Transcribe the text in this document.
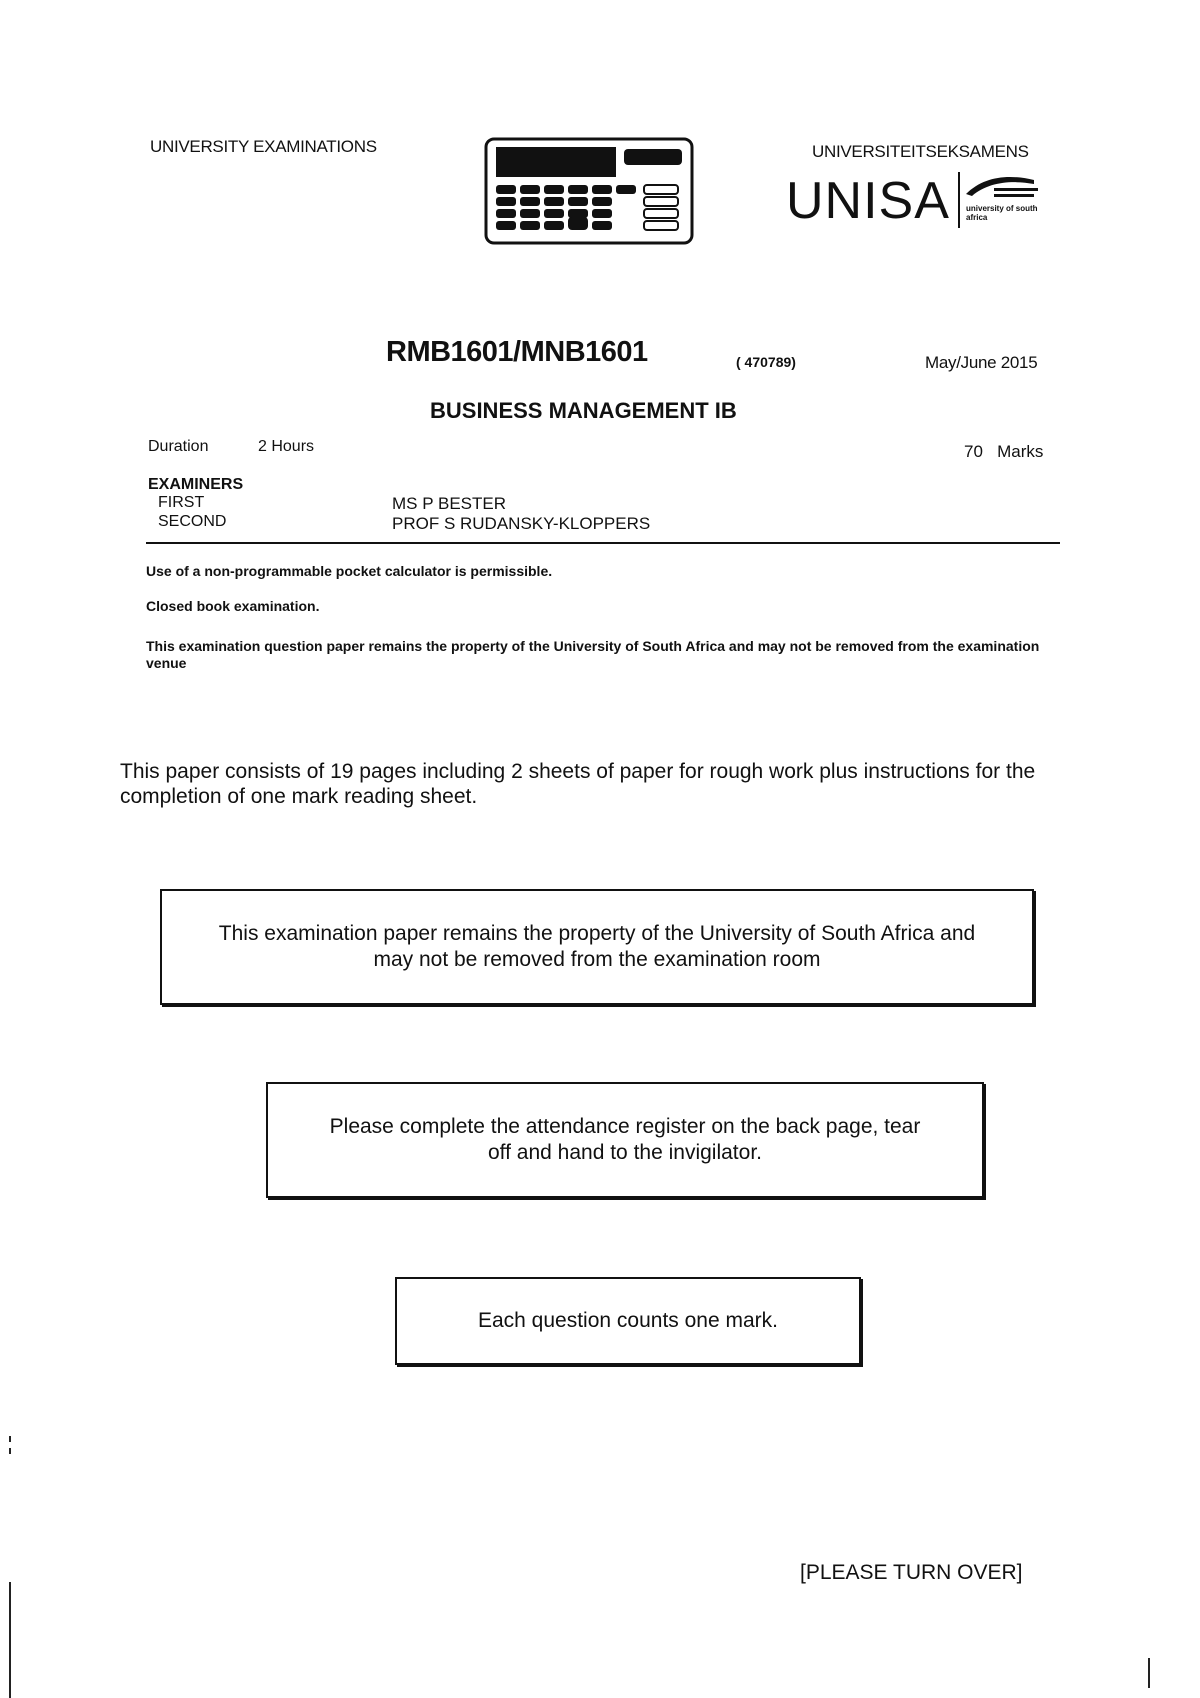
UNIVERSITY EXAMINATIONS	UNIVERSITEITSEKSAMENS
UNISA university of south africa
RMB1601/MNB1601	( 470789)	May/June 2015
BUSINESS MANAGEMENT IB
Duration	2 Hours	70   Marks
EXAMINERS
FIRST	MS P BESTER
SECOND	PROF S RUDANSKY-KLOPPERS
Use of a non-programmable pocket calculator is permissible.
Closed book examination.
This examination question paper remains the property of the University of South Africa and may not be removed from the examination venue
This paper consists of 19 pages including 2 sheets of paper for rough work plus instructions for the completion of one mark reading sheet.
This examination paper remains the property of the University of South Africa and may not be removed from the examination room
Please complete the attendance register on the back page, tear off and hand to the invigilator.
Each question counts one mark.
[PLEASE TURN OVER]
